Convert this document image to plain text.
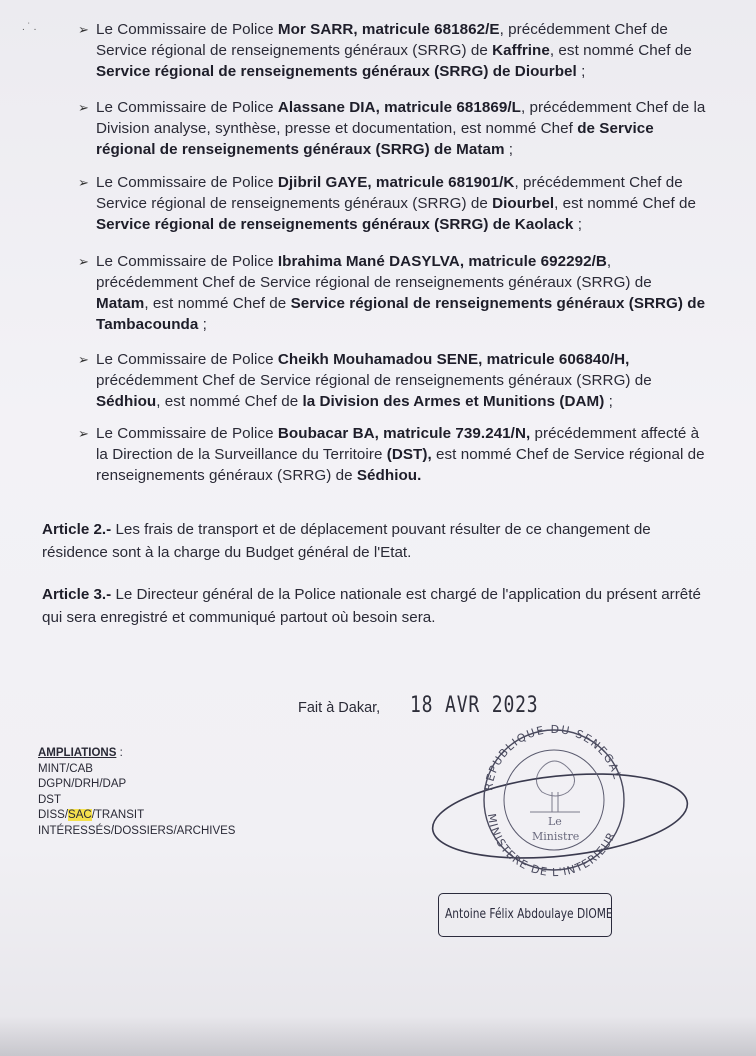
. ˙ .	➢ Le Commissaire de Police Mor SARR, matricule 681862/E, précédemment Chef de Service régional de renseignements généraux (SRRG) de Kaffrine, est nommé Chef de Service régional de renseignements généraux (SRRG) de Diourbel ;
➢ Le Commissaire de Police Alassane DIA, matricule 681869/L, précédemment Chef de la Division analyse, synthèse, presse et documentation, est nommé Chef de Service régional de renseignements généraux (SRRG) de Matam ;
➢ Le Commissaire de Police Djibril GAYE, matricule 681901/K, précédemment Chef de Service régional de renseignements généraux (SRRG) de Diourbel, est nommé Chef de Service régional de renseignements généraux (SRRG) de Kaolack ;
➢ Le Commissaire de Police Ibrahima Mané DASYLVA, matricule 692292/B, précédemment Chef de Service régional de renseignements généraux (SRRG) de Matam, est nommé Chef de Service régional de renseignements généraux (SRRG) de Tambacounda ;
➢ Le Commissaire de Police Cheikh Mouhamadou SENE, matricule 606840/H, précédemment Chef de Service régional de renseignements généraux (SRRG) de Sédhiou, est nommé Chef de la Division des Armes et Munitions (DAM) ;
➢ Le Commissaire de Police Boubacar BA, matricule 739.241/N, précédemment affecté à la Direction de la Surveillance du Territoire (DST), est nommé Chef de Service régional de renseignements généraux (SRRG) de Sédhiou.
Article 2.- Les frais de transport et de déplacement pouvant résulter de ce changement de résidence sont à la charge du Budget général de l'Etat.
Article 3.- Le Directeur général de la Police nationale est chargé de l'application du présent arrêté qui sera enregistré et communiqué partout où besoin sera.
Fait à Dakar,
REPUBLIQUE DU SENEGAL
MINISTERE DE L'INTERIEUR
Le
Ministre
18 AVR 2023
AMPLIATIONS :
MINT/CAB
DGPN/DRH/DAP
DST
DISS/SAC/TRANSIT
INTÉRESSÉS/DOSSIERS/ARCHIVES
Antoine Félix Abdoulaye DIOME
